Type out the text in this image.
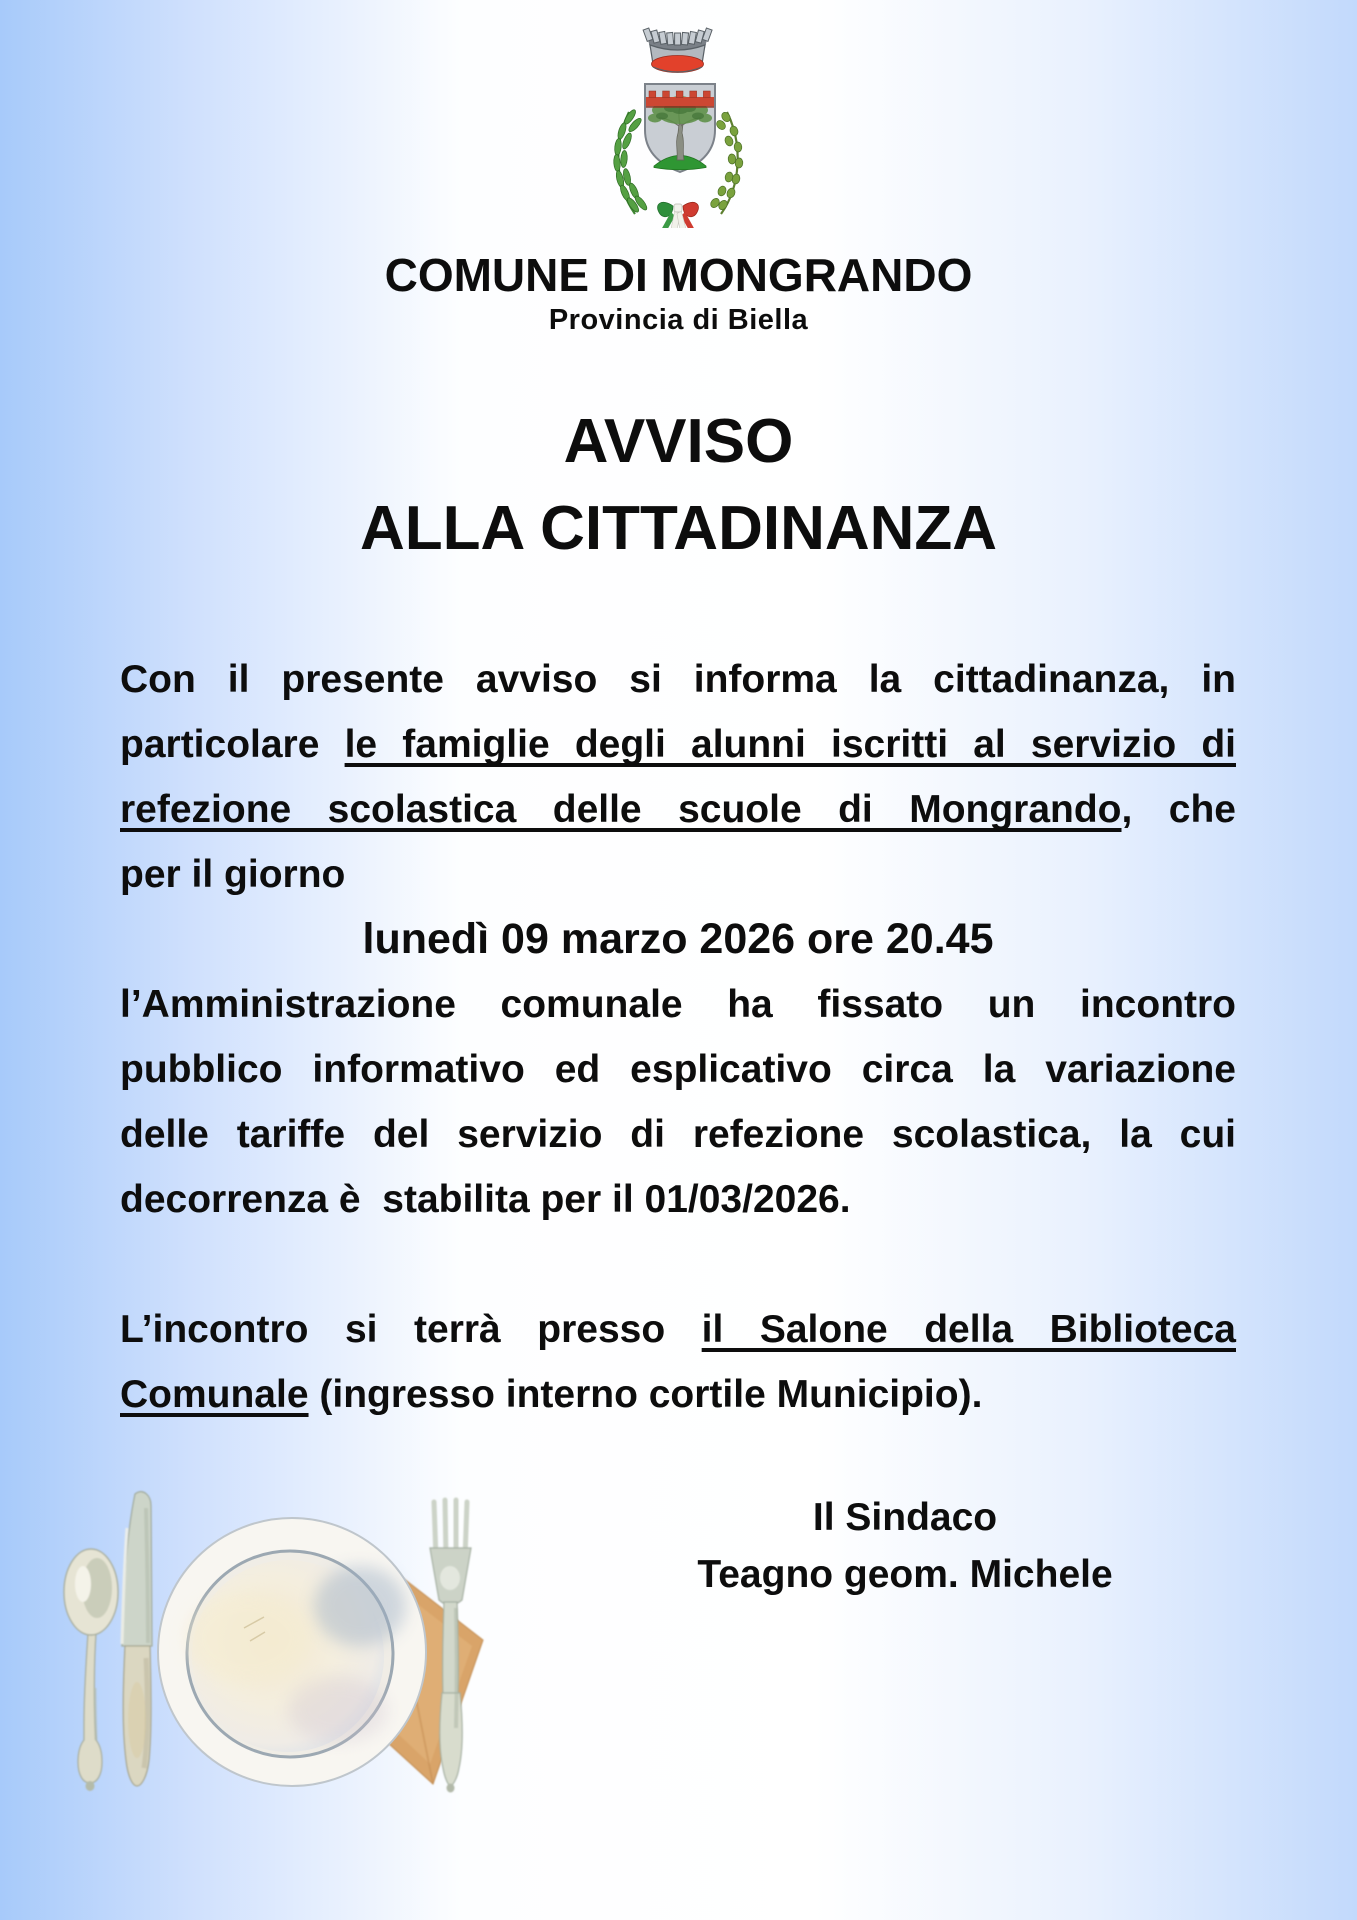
COMUNE DI MONGRANDO
Provincia di Biella
AVVISO
ALLA CITTADINANZA
Con il presente avviso si informa la cittadinanza, in
particolare le famiglie degli alunni iscritti al servizio di
refezione scolastica delle scuole di Mongrando, che
per il giorno
lunedì 09 marzo 2026 ore 20.45
l’Amministrazione comunale ha fissato un incontro
pubblico informativo ed esplicativo circa la variazione
delle tariffe del servizio di refezione scolastica, la cui
decorrenza è  stabilita per il 01/03/2026.
L’incontro si terrà presso il Salone della Biblioteca
Comunale (ingresso interno cortile Municipio).
Il Sindaco
Teagno geom. Michele
